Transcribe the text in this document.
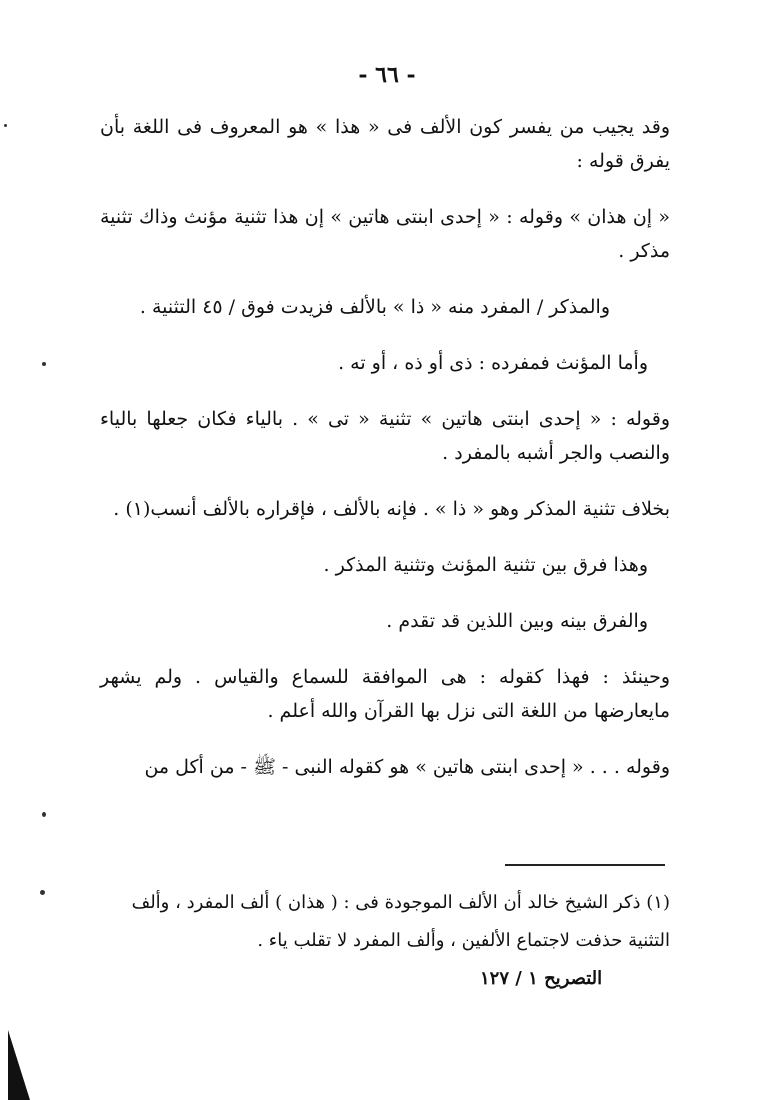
- ٦٦ -

وقد يجيب من يفسر كون الألف فى « هذا » هو المعروف فى اللغة بأن يفرق قوله :

« إن هذان » وقوله : « إحدى ابنتى هاتين » إن هذا تثنية مؤنث وذاك تثنية مذكر .

والمذكر / المفرد منه « ذا » بالألف فزيدت فوق / ٤٥ التثنية .

وأما المؤنث فمفرده : ذى أو ذه ، أو ته .

وقوله : « إحدى ابنتى هاتين » تثنية « تى » . بالياء فكان جعلها بالياء والنصب والجر أشبه بالمفرد .

بخلاف تثنية المذكر وهو « ذا » . فإنه بالألف ، فإقراره بالألف أنسب(١) .

وهذا فرق بين تثنية المؤنث وتثنية المذكر .

والفرق بينه وبين اللذين قد تقدم .

وحينئذ : فهذا كقوله : هى الموافقة للسماع والقياس . ولم يشهر مايعارضها من اللغة التى نزل بها القرآن والله أعلم .

وقوله . . . « إحدى ابنتى هاتين » هو كقوله النبى - ﷺ - من أكل من

(١) ذكر الشيخ خالد أن الألف الموجودة فى : ( هذان ) ألف المفرد ، وألف التثنية حذفت لاجتماع الألفين ، وألف المفرد لا تقلب ياء .

التصريح ١ / ١٢٧
